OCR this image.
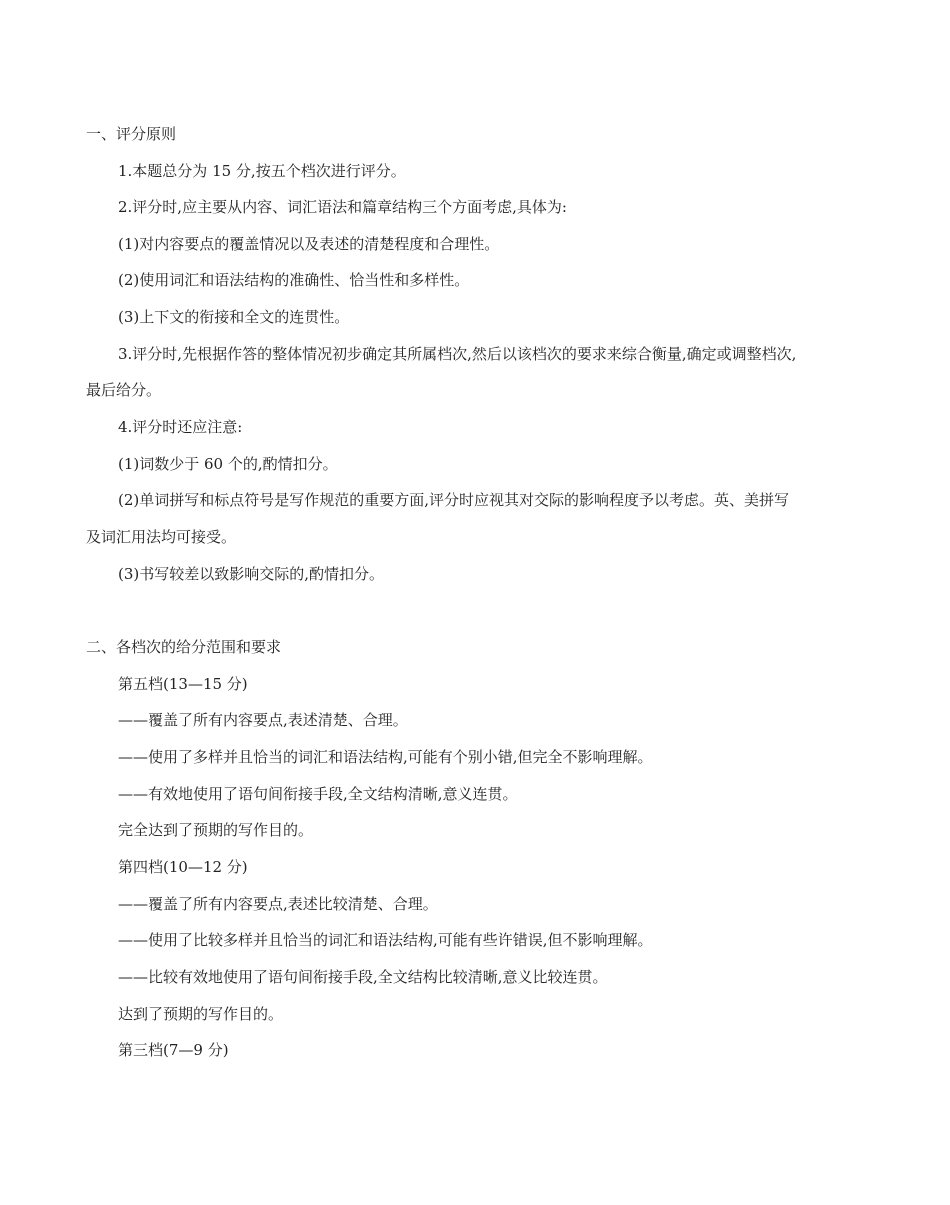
一、评分原则
1.本题总分为 15 分,按五个档次进行评分。
2.评分时,应主要从内容、词汇语法和篇章结构三个方面考虑,具体为:
(1)对内容要点的覆盖情况以及表述的清楚程度和合理性。
(2)使用词汇和语法结构的准确性、恰当性和多样性。
(3)上下文的衔接和全文的连贯性。
3.评分时,先根据作答的整体情况初步确定其所属档次,然后以该档次的要求来综合衡量,确定或调整档次,
最后给分。
4.评分时还应注意:
(1)词数少于 60 个的,酌情扣分。
(2)单词拼写和标点符号是写作规范的重要方面,评分时应视其对交际的影响程度予以考虑。英、美拼写
及词汇用法均可接受。
(3)书写较差以致影响交际的,酌情扣分。
二、各档次的给分范围和要求
第五档(13—15 分)
——覆盖了所有内容要点,表述清楚、合理。
——使用了多样并且恰当的词汇和语法结构,可能有个别小错,但完全不影响理解。
——有效地使用了语句间衔接手段,全文结构清晰,意义连贯。
完全达到了预期的写作目的。
第四档(10—12 分)
——覆盖了所有内容要点,表述比较清楚、合理。
——使用了比较多样并且恰当的词汇和语法结构,可能有些许错误,但不影响理解。
——比较有效地使用了语句间衔接手段,全文结构比较清晰,意义比较连贯。
达到了预期的写作目的。
第三档(7—9 分)
